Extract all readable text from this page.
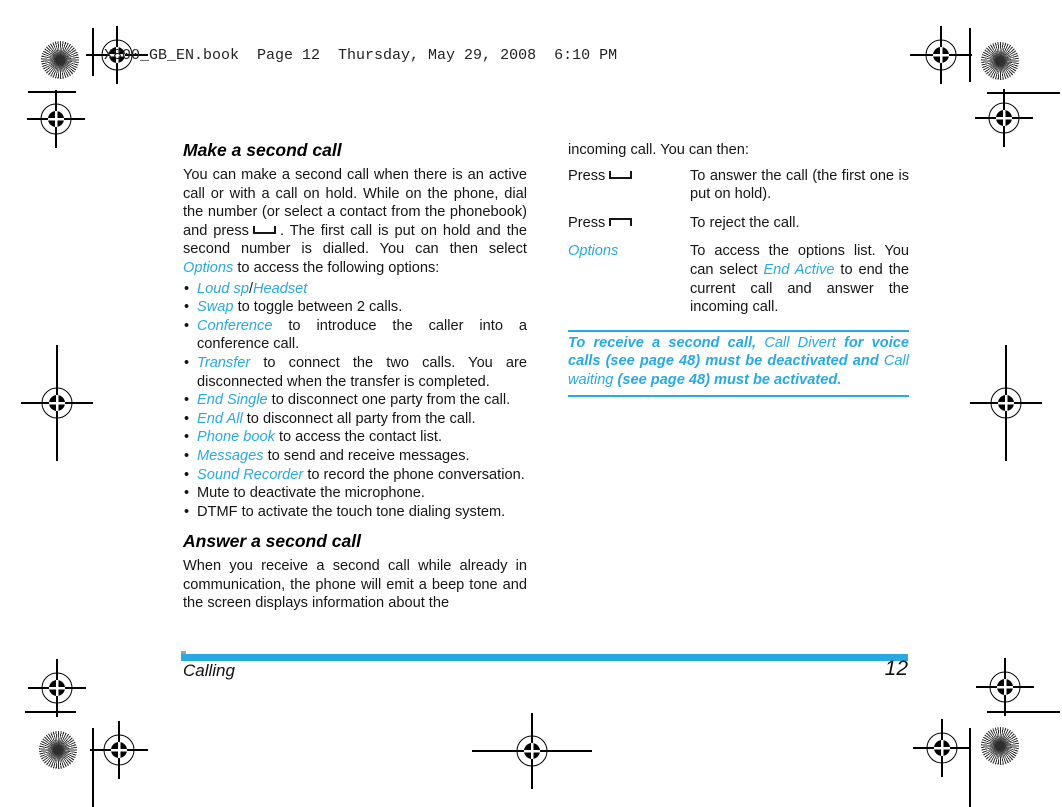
X800_GB_EN.book  Page 12  Thursday, May 29, 2008  6:10 PM
Make a second call

You can make a second call when there is an active call or with a call on hold. While on the phone, dial the number (or select a contact from the phonebook) and press . The first call is put on hold and the second number is dialled. You can then select Options to access the following options:

• Loud sp/Headset
• Swap to toggle between 2 calls.
• Conference to introduce the caller into a conference call.
• Transfer to connect the two calls. You are disconnected when the transfer is completed.
• End Single to disconnect one party from the call.
• End All to disconnect all party from the call.
• Phone book to access the contact list.
• Messages to send and receive messages.
• Sound Recorder to record the phone conversation.
• Mute to deactivate the microphone.
• DTMF to activate the touch tone dialing system.
Answer a second call

When you receive a second call while already in communication, the phone will emit a beep tone and the screen displays information about the

incoming call. You can then:

Press	To answer the call (the first one is put on hold).
Press	To reject the call.
Options	To access the options list. You can select End Active to end the current call and answer the incoming call.
To receive a second call, Call Divert for voice calls (see page 48) must be deactivated and Call waiting (see page 48) must be activated.
Calling	12
